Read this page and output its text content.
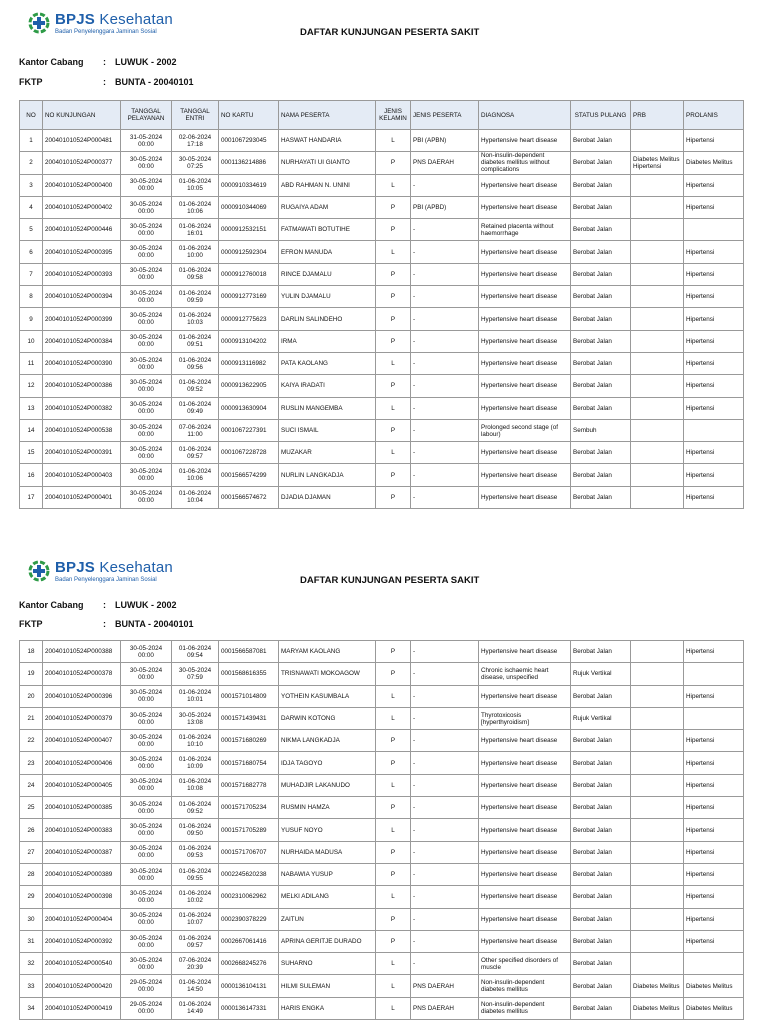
BPJS Kesehatan
Badan Penyelenggara Jaminan Sosial	DAFTAR KUNJUNGAN PESERTA SAKIT
Kantor Cabang : LUWUK - 2002
FKTP	: BUNTA - 20040101
NO	NO KUNJUNGAN	TANGGAL PELAYANAN	TANGGAL ENTRI	NO KARTU	NAMA PESERTA	JENIS KELAMIN	JENIS PESERTA	DIAGNOSA	STATUS PULANG	PRB	PROLANIS
1	200401010524P000481	31-05-2024 00:00	02-06-2024 17:18	0001067293045	HASWAT HANDARIA	L	PBI (APBN)	Hypertensive heart disease	Berobat Jalan		Hipertensi
2	200401010524P000377	30-05-2024 00:00	30-05-2024 07:25	0001136214886	NURHAYATI UI GIANTO	P	PNS DAERAH	Non-insulin-dependent diabetes mellitus without complications	Berobat Jalan	Diabetes Melitus Hipertensi	Diabetes Melitus
3	200401010524P000400	30-05-2024 00:00	01-06-2024 10:05	0000910334619	ABD RAHMAN N. UNINI	L	-	Hypertensive heart disease	Berobat Jalan		Hipertensi
4	200401010524P000402	30-05-2024 00:00	01-06-2024 10:06	0000910344069	RUGAIYA ADAM	P	PBI (APBD)	Hypertensive heart disease	Berobat Jalan		Hipertensi
5	200401010524P000446	30-05-2024 00:00	01-06-2024 16:01	0000912532151	FATMAWATI BOTUTIHE	P	-	Retained placenta without haemorrhage	Berobat Jalan		
6	200401010524P000395	30-05-2024 00:00	01-06-2024 10:00	0000912592304	EFRON MANUDA	L	-	Hypertensive heart disease	Berobat Jalan		Hipertensi
7	200401010524P000393	30-05-2024 00:00	01-06-2024 09:58	0000912760018	RINCE DJAMALU	P	-	Hypertensive heart disease	Berobat Jalan		Hipertensi
8	200401010524P000394	30-05-2024 00:00	01-06-2024 09:59	0000912773169	YULIN DJAMALU	P	-	Hypertensive heart disease	Berobat Jalan		Hipertensi
9	200401010524P000399	30-05-2024 00:00	01-06-2024 10:03	0000912775623	DARLIN SALINDEHO	P	-	Hypertensive heart disease	Berobat Jalan		Hipertensi
10	200401010524P000384	30-05-2024 00:00	01-06-2024 09:51	0000913104202	IRMA	P	-	Hypertensive heart disease	Berobat Jalan		Hipertensi
11	200401010524P000390	30-05-2024 00:00	01-06-2024 09:56	0000913116982	PATA KAOLANG	L	-	Hypertensive heart disease	Berobat Jalan		Hipertensi
12	200401010524P000386	30-05-2024 00:00	01-06-2024 09:52	0000913622905	KAIYA IRADATI	P	-	Hypertensive heart disease	Berobat Jalan		Hipertensi
13	200401010524P000382	30-05-2024 00:00	01-06-2024 09:49	0000913630904	RUSLIN MANGEMBA	L	-	Hypertensive heart disease	Berobat Jalan		Hipertensi
14	200401010524P000538	30-05-2024 00:00	07-06-2024 11:00	0001067227391	SUCI ISMAIL	P	-	Prolonged second stage (of labour)	Sembuh		
15	200401010524P000391	30-05-2024 00:00	01-06-2024 09:57	0001067228728	MUZAKAR	L	-	Hypertensive heart disease	Berobat Jalan		Hipertensi
16	200401010524P000403	30-05-2024 00:00	01-06-2024 10:06	0001566574299	NURLIN LANGKADJA	P	-	Hypertensive heart disease	Berobat Jalan		Hipertensi
17	200401010524P000401	30-05-2024 00:00	01-06-2024 10:04	0001566574672	DJADIA DJAMAN	P	-	Hypertensive heart disease	Berobat Jalan		Hipertensi
BPJS Kesehatan
Badan Penyelenggara Jaminan Sosial	DAFTAR KUNJUNGAN PESERTA SAKIT
Kantor Cabang : LUWUK - 2002
FKTP	: BUNTA - 20040101
18	200401010524P000388	30-05-2024 00:00	01-06-2024 09:54	0001566587081	MARYAM KAOLANG	P	-	Hypertensive heart disease	Berobat Jalan		Hipertensi
19	200401010524P000378	30-05-2024 00:00	30-05-2024 07:59	0001568616355	TRISNAWATI MOKOAGOW	P	-	Chronic ischaemic heart disease, unspecified	Rujuk Vertikal		
20	200401010524P000396	30-05-2024 00:00	01-06-2024 10:01	0001571014809	YOTHEIN KASUMBALA	L	-	Hypertensive heart disease	Berobat Jalan		Hipertensi
21	200401010524P000379	30-05-2024 00:00	30-05-2024 13:08	0001571439431	DARWIN KOTONG	L	-	Thyrotoxicosis [hyperthyroidism]	Rujuk Vertikal		
22	200401010524P000407	30-05-2024 00:00	01-06-2024 10:10	0001571680269	NIKMA LANGKADJA	P	-	Hypertensive heart disease	Berobat Jalan		Hipertensi
23	200401010524P000406	30-05-2024 00:00	01-06-2024 10:09	0001571680754	IDJA TAGOYO	P	-	Hypertensive heart disease	Berobat Jalan		Hipertensi
24	200401010524P000405	30-05-2024 00:00	01-06-2024 10:08	0001571682778	MUHADJIR LAKANUDO	L	-	Hypertensive heart disease	Berobat Jalan		Hipertensi
25	200401010524P000385	30-05-2024 00:00	01-06-2024 09:52	0001571705234	RUSMIN HAMZA	P	-	Hypertensive heart disease	Berobat Jalan		Hipertensi
26	200401010524P000383	30-05-2024 00:00	01-06-2024 09:50	0001571705289	YUSUF NOYO	L	-	Hypertensive heart disease	Berobat Jalan		Hipertensi
27	200401010524P000387	30-05-2024 00:00	01-06-2024 09:53	0001571706707	NURHAIDA MADUSA	P	-	Hypertensive heart disease	Berobat Jalan		Hipertensi
28	200401010524P000389	30-05-2024 00:00	01-06-2024 09:55	0002245620238	NABAWIA YUSUP	P	-	Hypertensive heart disease	Berobat Jalan		Hipertensi
29	200401010524P000398	30-05-2024 00:00	01-06-2024 10:02	0002310062962	MELKI ADILANG	L	-	Hypertensive heart disease	Berobat Jalan		Hipertensi
30	200401010524P000404	30-05-2024 00:00	01-06-2024 10:07	0002390378229	ZAITUN	P	-	Hypertensive heart disease	Berobat Jalan		Hipertensi
31	200401010524P000392	30-05-2024 00:00	01-06-2024 09:57	0002667061416	APRINA GERITJE DURADO	P	-	Hypertensive heart disease	Berobat Jalan		Hipertensi
32	200401010524P000540	30-05-2024 00:00	07-06-2024 20:39	0002668245276	SUHARNO	L	-	Other specified disorders of muscle	Berobat Jalan		
33	200401010524P000420	29-05-2024 00:00	01-06-2024 14:50	0000136104131	HILMI SULEMAN	L	PNS DAERAH	Non-insulin-dependent diabetes mellitus	Berobat Jalan	Diabetes Melitus	Diabetes Melitus
34	200401010524P000419	29-05-2024 00:00	01-06-2024 14:49	0000136147331	HARIS ENGKA	L	PNS DAERAH	Non-insulin-dependent diabetes mellitus	Berobat Jalan	Diabetes Melitus	Diabetes Melitus
